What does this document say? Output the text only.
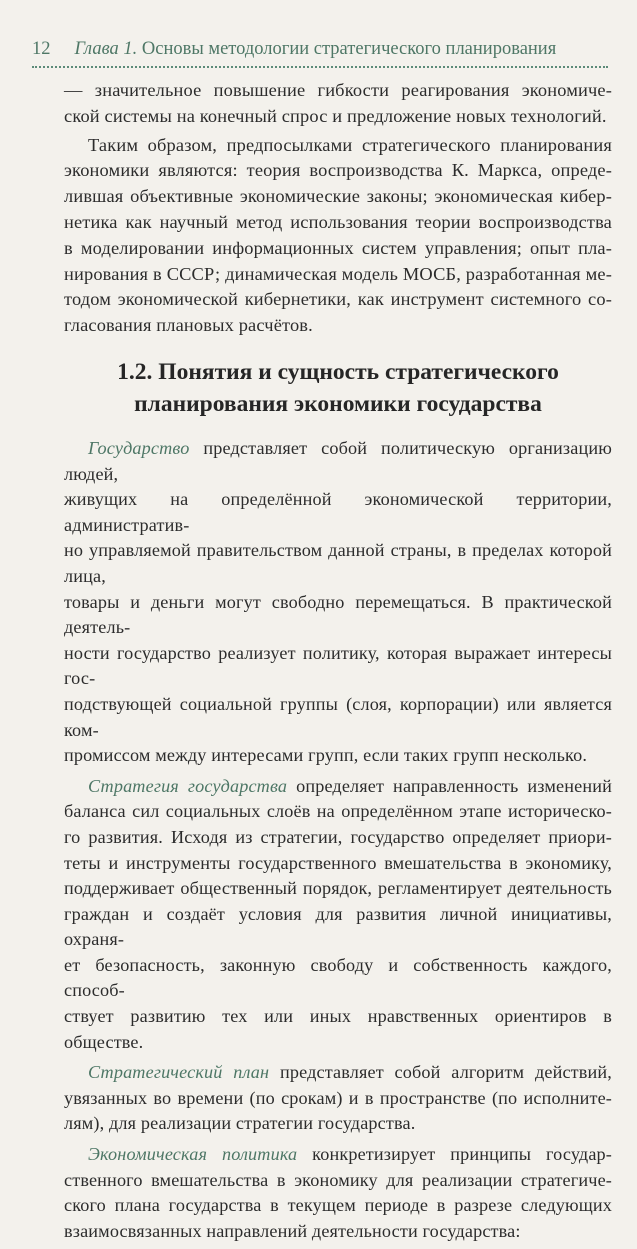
12 Глава 1. Основы методологии стратегического планирования

— значительное повышение гибкости реагирования экономиче-
ской системы на конечный спрос и предложение новых технологий.

Таким образом, предпосылками стратегического планирования
экономики являются: теория воспроизводства К. Маркса, опреде-
лившая объективные экономические законы; экономическая кибер-
нетика как научный метод использования теории воспроизводства
в моделировании информационных систем управления; опыт пла-
нирования в СССР; динамическая модель МОСБ, разработанная ме-
тодом экономической кибернетики, как инструмент системного со-
гласования плановых расчётов.

1.2. Понятия и сущность стратегического
планирования экономики государства

Государство представляет собой политическую организацию людей,
живущих на определённой экономической территории, административ-
но управляемой правительством данной страны, в пределах которой лица,
товары и деньги могут свободно перемещаться. В практической деятель-
ности государство реализует политику, которая выражает интересы гос-
подствующей социальной группы (слоя, корпорации) или является ком-
промиссом между интересами групп, если таких групп несколько.

Стратегия государства определяет направленность изменений
баланса сил социальных слоёв на определённом этапе историческо-
го развития. Исходя из стратегии, государство определяет приори-
теты и инструменты государственного вмешательства в экономику,
поддерживает общественный порядок, регламентирует деятельность
граждан и создаёт условия для развития личной инициативы, охраня-
ет безопасность, законную свободу и собственность каждого, способ-
ствует развитию тех или иных нравственных ориентиров в обществе.

Стратегический план представляет собой алгоритм действий,
увязанных во времени (по срокам) и в пространстве (по исполните-
лям), для реализации стратегии государства.

Экономическая политика конкретизирует принципы государ-
ственного вмешательства в экономику для реализации стратегиче-
ского плана государства в текущем периоде в разрезе следующих
взаимосвязанных направлений деятельности государства:
